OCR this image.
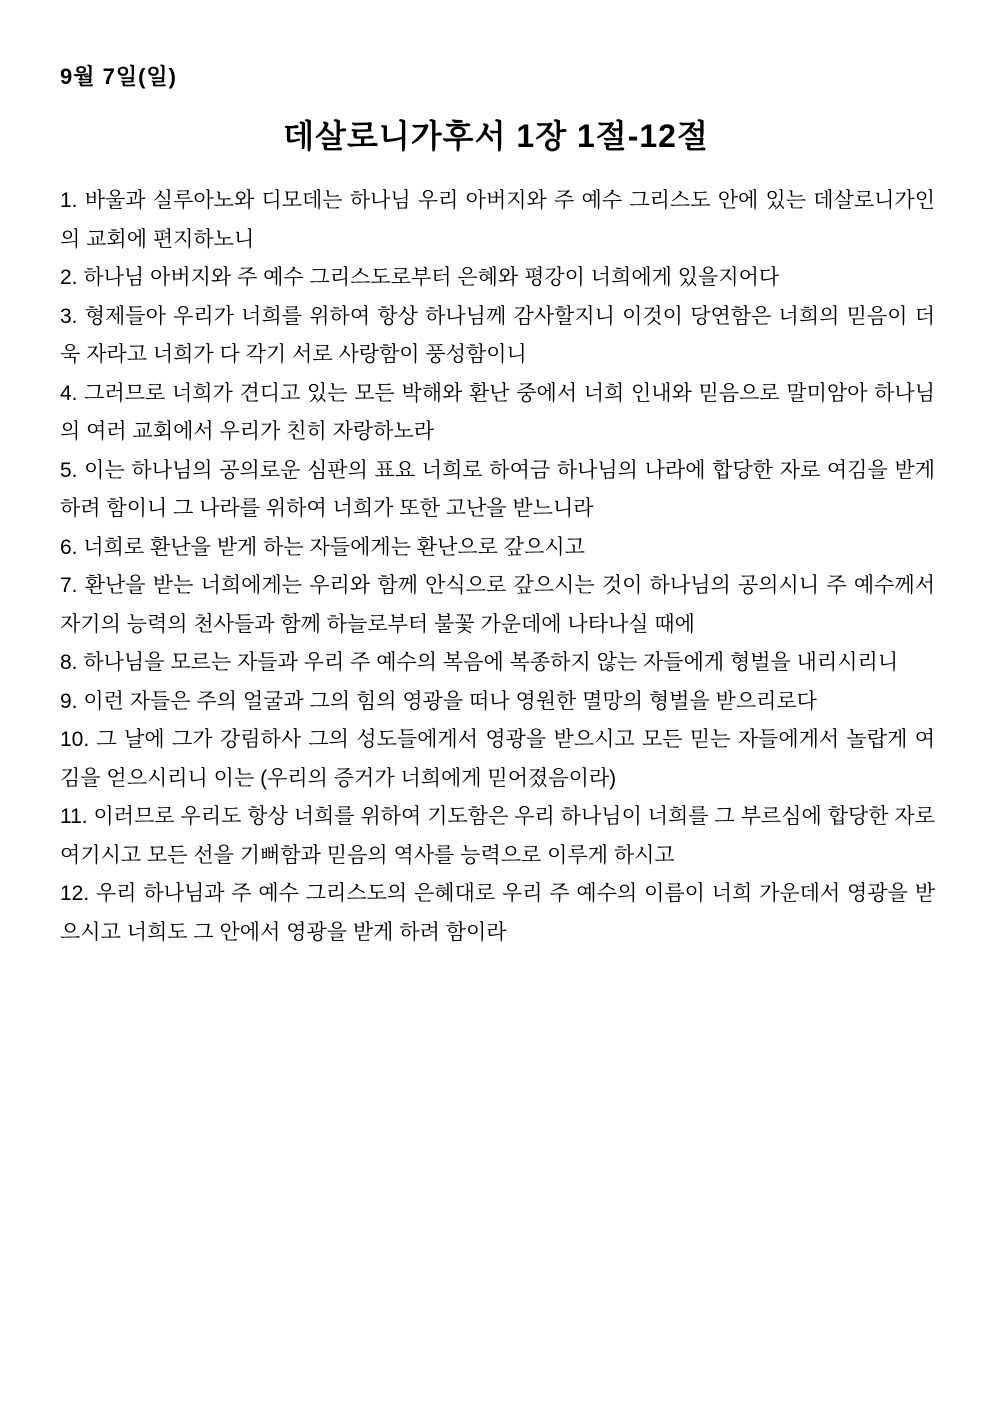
9월 7일(일)

데살로니가후서 1장 1절-12절

1. 바울과 실루아노와 디모데는 하나님 우리 아버지와 주 예수 그리스도 안에 있는 데살로니가인의 교회에 편지하노니

2. 하나님 아버지와 주 예수 그리스도로부터 은혜와 평강이 너희에게 있을지어다

3. 형제들아 우리가 너희를 위하여 항상 하나님께 감사할지니 이것이 당연함은 너희의 믿음이 더욱 자라고 너희가 다 각기 서로 사랑함이 풍성함이니

4. 그러므로 너희가 견디고 있는 모든 박해와 환난 중에서 너희 인내와 믿음으로 말미암아 하나님의 여러 교회에서 우리가 친히 자랑하노라

5. 이는 하나님의 공의로운 심판의 표요 너희로 하여금 하나님의 나라에 합당한 자로 여김을 받게 하려 함이니 그 나라를 위하여 너희가 또한 고난을 받느니라

6. 너희로 환난을 받게 하는 자들에게는 환난으로 갚으시고

7. 환난을 받는 너희에게는 우리와 함께 안식으로 갚으시는 것이 하나님의 공의시니 주 예수께서 자기의 능력의 천사들과 함께 하늘로부터 불꽃 가운데에 나타나실 때에

8. 하나님을 모르는 자들과 우리 주 예수의 복음에 복종하지 않는 자들에게 형벌을 내리시리니

9. 이런 자들은 주의 얼굴과 그의 힘의 영광을 떠나 영원한 멸망의 형벌을 받으리로다

10. 그 날에 그가 강림하사 그의 성도들에게서 영광을 받으시고 모든 믿는 자들에게서 놀랍게 여김을 얻으시리니 이는 (우리의 증거가 너희에게 믿어졌음이라)

11. 이러므로 우리도 항상 너희를 위하여 기도함은 우리 하나님이 너희를 그 부르심에 합당한 자로 여기시고 모든 선을 기뻐함과 믿음의 역사를 능력으로 이루게 하시고

12. 우리 하나님과 주 예수 그리스도의 은혜대로 우리 주 예수의 이름이 너희 가운데서 영광을 받으시고 너희도 그 안에서 영광을 받게 하려 함이라
